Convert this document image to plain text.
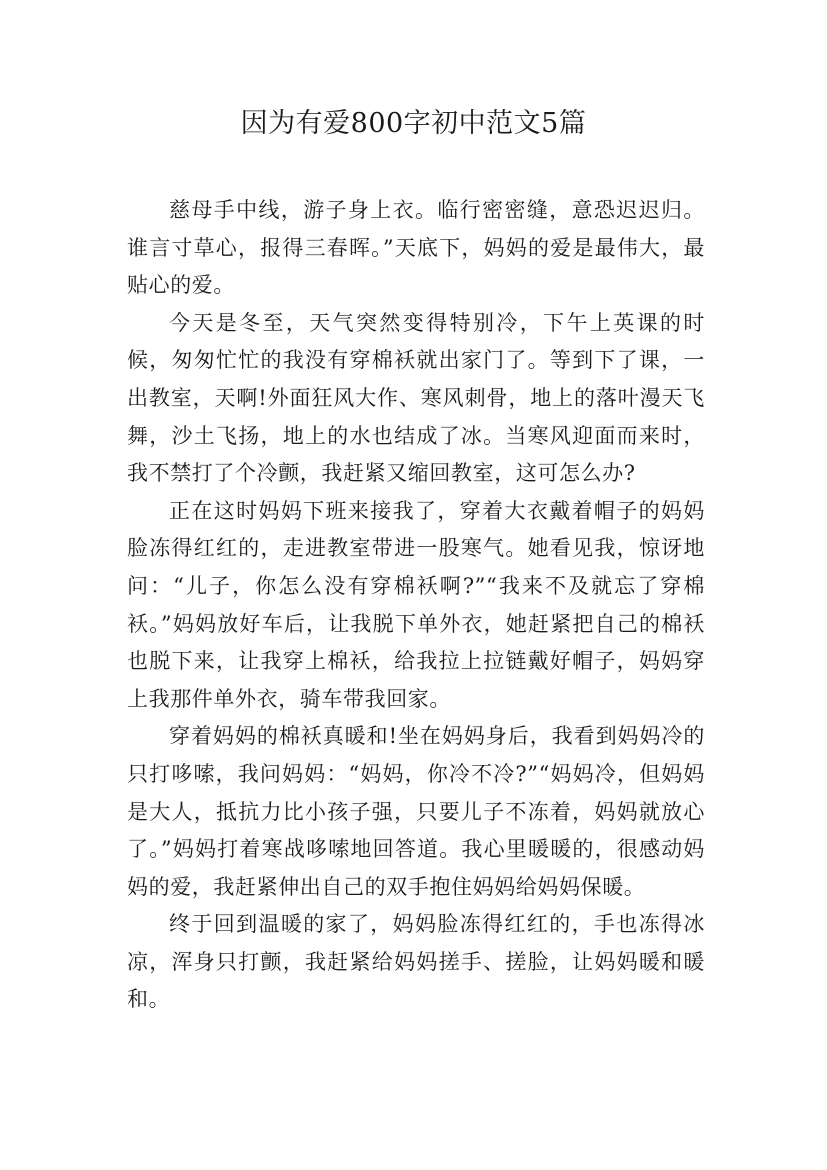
因为有爱800字初中范文5篇

慈母手中线，游子身上衣。临行密密缝，意恐迟迟归。谁言寸草心，报得三春晖。”天底下，妈妈的爱是最伟大，最贴心的爱。

今天是冬至，天气突然变得特别冷，下午上英课的时候，匆匆忙忙的我没有穿棉袄就出家门了。等到下了课，一出教室，天啊!外面狂风大作、寒风刺骨，地上的落叶漫天飞舞，沙土飞扬，地上的水也结成了冰。当寒风迎面而来时，我不禁打了个冷颤，我赶紧又缩回教室，这可怎么办?

正在这时妈妈下班来接我了，穿着大衣戴着帽子的妈妈脸冻得红红的，走进教室带进一股寒气。她看见我，惊讶地问：“儿子，你怎么没有穿棉袄啊?”“我来不及就忘了穿棉袄。”妈妈放好车后，让我脱下单外衣，她赶紧把自己的棉袄也脱下来，让我穿上棉袄，给我拉上拉链戴好帽子，妈妈穿上我那件单外衣，骑车带我回家。

穿着妈妈的棉袄真暖和!坐在妈妈身后，我看到妈妈冷的只打哆嗦，我问妈妈：“妈妈，你冷不冷?”“妈妈冷，但妈妈是大人，抵抗力比小孩子强，只要儿子不冻着，妈妈就放心了。”妈妈打着寒战哆嗦地回答道。我心里暖暖的，很感动妈妈的爱，我赶紧伸出自己的双手抱住妈妈给妈妈保暖。

终于回到温暖的家了，妈妈脸冻得红红的，手也冻得冰凉，浑身只打颤，我赶紧给妈妈搓手、搓脸，让妈妈暖和暖和。
